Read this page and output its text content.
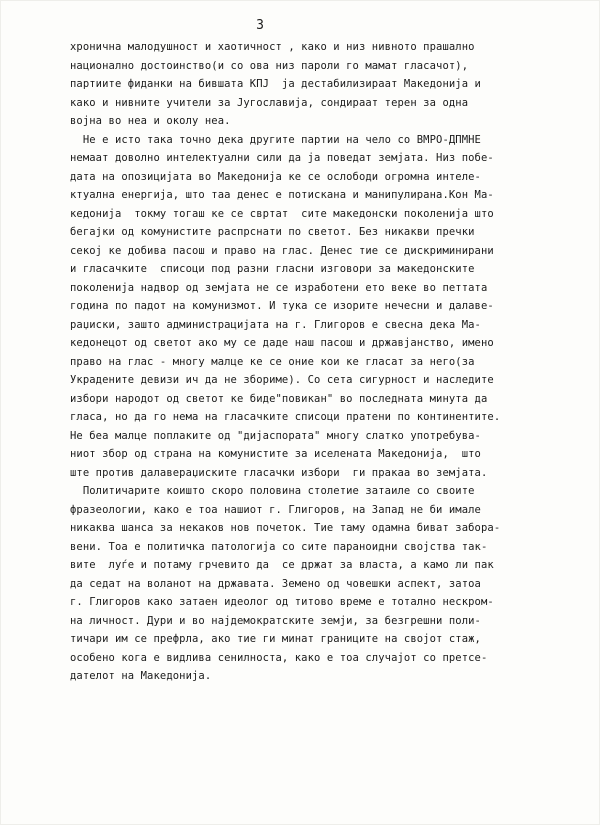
3
хронична малодушност и хаотичност , како и низ нивното прашално
национално достоинство(и со ова низ пароли го мамат гласачот),
партиите фиданки на бившата КПЈ  ја дестабилизираат Македонија и
како и нивните учители за Југославија, сондираат терен за одна
војна во неа и околу неа.
Не е исто така точно дека другите партии на чело со ВМРО-ДПМНЕ
немаат доволно интелектуални сили да ја поведат земјата. Низ побе-
дата на опозицијата во Македонија ке се ослободи огромна интеле-
ктуална енергија, што таа денес е потискана и манипулирана.Кон Ма-
кедонија  токму тогаш ке се свртат  сите македонски поколенија што
бегаjки од комунистите распрснати по светот. Без никакви пречки
секој ке добива пасош и право на глас. Денес тие се дискриминирани
и гласачките  списоци под разни гласни изговори за македонските
поколенија надвор од земјата не се изработени ето веке во петтата
година по падот на комунизмот. И тука се изорите нечесни и далаве-
раџиски, зашто администрацијата на г. Глигоров е свесна дека Ма-
кедонецот од светот ако му се даде наш пасош и државјанство, имено
право на глас - многу малце ке се оние кои ке гласат за него(за
Украдените девизи ич да не зборимe). Со сета сигурност и наследите
избори народот од светот ке биде"повикан" во последната минута да
гласа, но да го нема на гласачките списоци пратени по континентите.
Не беа малце поплаките од "дијаспората" многу слатко употребува-
ниот збор од страна на комунистите за иселената Македонија,  што
ште против далавераџиските гласачки избори  ги пракаа во земјата.
Политичарите коишто скоро половина столетие затаиле со своите
фразеологии, како е тоа нашиот г. Глигоров, на Запад не би имале
никаква шанса за некаков нов почеток. Тие таму одамна биват заборa-
вени. Тоа е политичка патологија со сите параноидни својства так-
вите  луѓе и потаму грчевито да  се држат за власта, а камо ли пак
да седат на воланот на државата. Земено од човешки аспект, затоа
г. Глигоров како затаен идеолог од титово време е тотално нескром-
на личност. Дури и во најдемократските земји, за безгрешни поли-
тичари им се префрла, ако тие ги минат границите на својот стаж,
особено кога е видлива сенилноста, како е тоа случајот со претсе-
дателот на Македонија.
